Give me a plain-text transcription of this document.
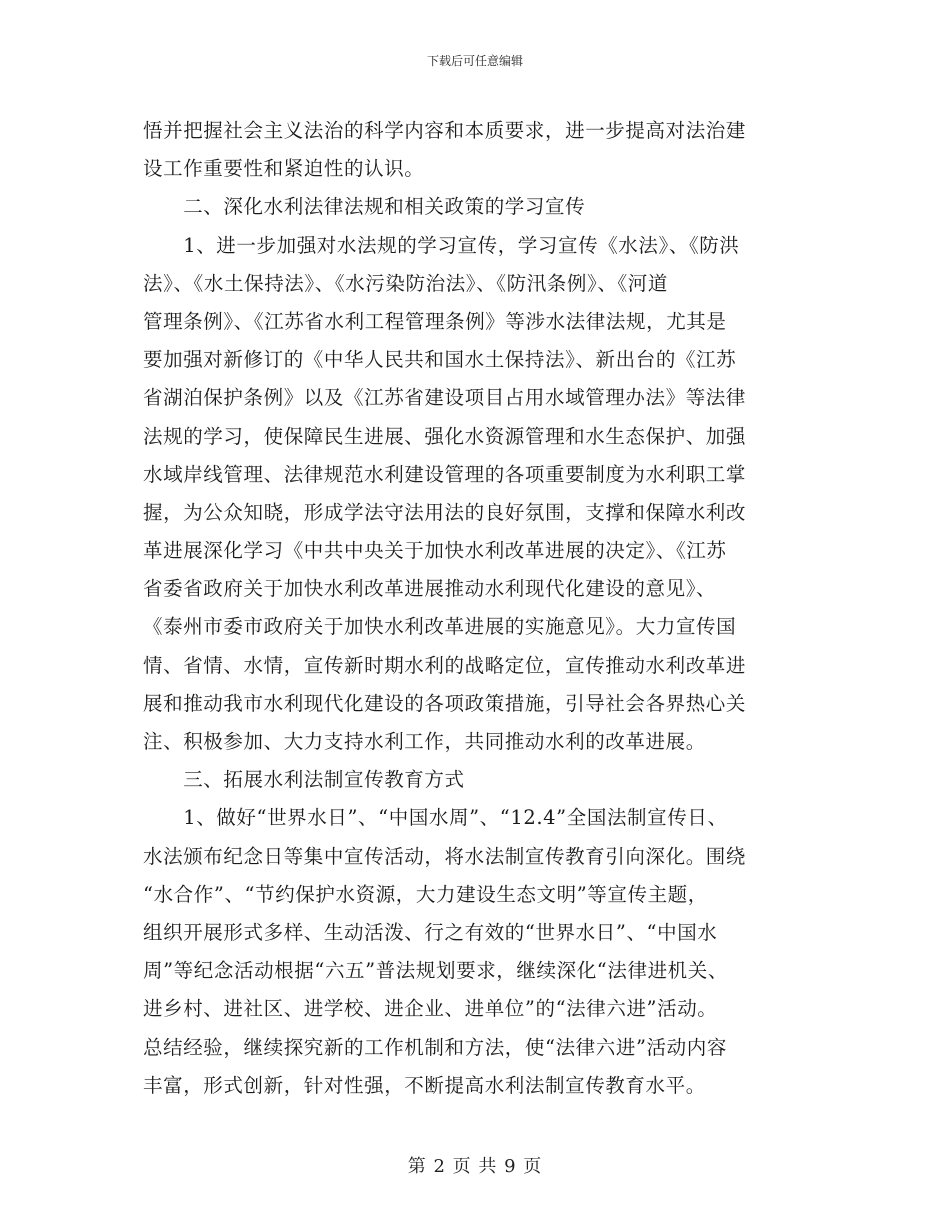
下载后可任意编辑
悟并把握社会主义法治的科学内容和本质要求，进一步提高对法治建
设工作重要性和紧迫性的认识。
　　二、深化水利法律法规和相关政策的学习宣传
　　1、进一步加强对水法规的学习宣传，学习宣传《水法》、《防洪
法》、《水土保持法》、《水污染防治法》、《防汛条例》、《河道
管理条例》、《江苏省水利工程管理条例》等涉水法律法规，尤其是
要加强对新修订的《中华人民共和国水土保持法》、新出台的《江苏
省湖泊保护条例》以及《江苏省建设项目占用水域管理办法》等法律
法规的学习，使保障民生进展、强化水资源管理和水生态保护、加强
水域岸线管理、法律规范水利建设管理的各项重要制度为水利职工掌
握，为公众知晓，形成学法守法用法的良好氛围，支撑和保障水利改
革进展深化学习《中共中央关于加快水利改革进展的决定》、《江苏
省委省政府关于加快水利改革进展推动水利现代化建设的意见》、
《泰州市委市政府关于加快水利改革进展的实施意见》。大力宣传国
情、省情、水情，宣传新时期水利的战略定位，宣传推动水利改革进
展和推动我市水利现代化建设的各项政策措施，引导社会各界热心关
注、积极参加、大力支持水利工作，共同推动水利的改革进展。
　　三、拓展水利法制宣传教育方式
　　1、做好“世界水日”、“中国水周”、“12.4”全国法制宣传日、
水法颁布纪念日等集中宣传活动，将水法制宣传教育引向深化。围绕
“水合作”、“节约保护水资源，大力建设生态文明”等宣传主题，
组织开展形式多样、生动活泼、行之有效的“世界水日”、“中国水
周”等纪念活动根据“六五”普法规划要求，继续深化“法律进机关、
进乡村、进社区、进学校、进企业、进单位”的“法律六进”活动。
总结经验，继续探究新的工作机制和方法，使“法律六进”活动内容
丰富，形式创新，针对性强，不断提高水利法制宣传教育水平。
第 2 页 共 9 页
